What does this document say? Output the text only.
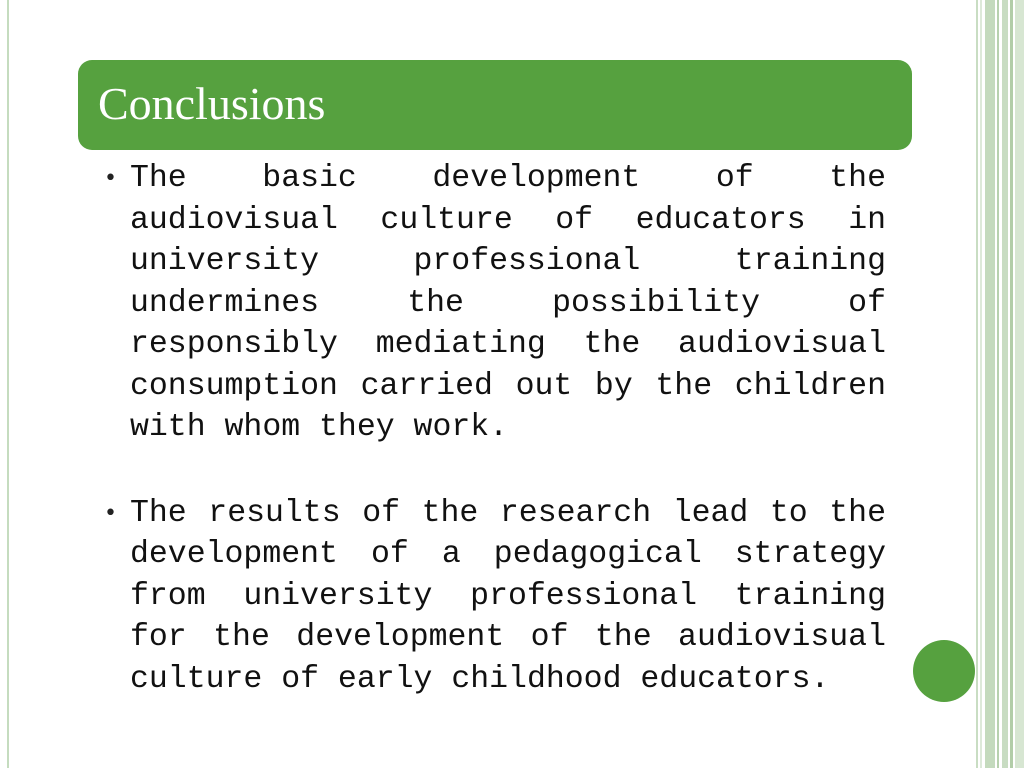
Conclusions
• The basic development of the audiovisual culture of educators in university professional training undermines the possibility of responsibly mediating the audiovisual consumption carried out by the children with whom they work.
• The results of the research lead to the development of a pedagogical strategy from university professional training for the development of the audiovisual culture of early childhood educators.
